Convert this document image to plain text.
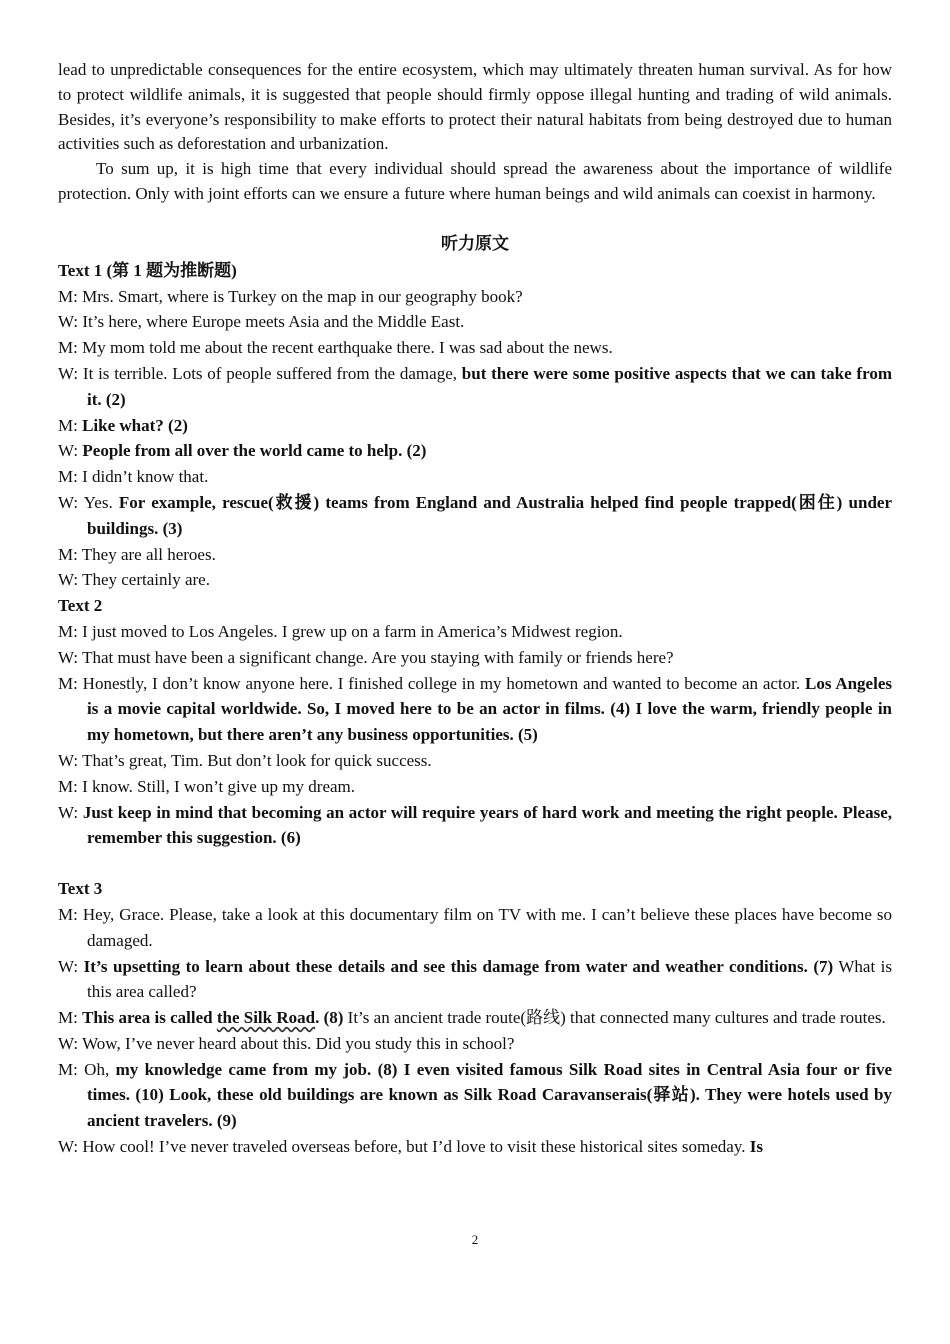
lead to unpredictable consequences for the entire ecosystem, which may ultimately threaten human survival. As for how to protect wildlife animals, it is suggested that people should firmly oppose illegal hunting and trading of wild animals. Besides, it’s everyone’s responsibility to make efforts to protect their natural habitats from being destroyed due to human activities such as deforestation and urbanization.

To sum up, it is high time that every individual should spread the awareness about the importance of wildlife protection. Only with joint efforts can we ensure a future where human beings and wild animals can coexist in harmony.

听力原文

Text 1 (第 1 题为推断题)

M: Mrs. Smart, where is Turkey on the map in our geography book?

W: It’s here, where Europe meets Asia and the Middle East.

M: My mom told me about the recent earthquake there. I was sad about the news.

W: It is terrible. Lots of people suffered from the damage, but there were some positive aspects that we can take from it. (2)

M: Like what? (2)

W: People from all over the world came to help. (2)

M: I didn’t know that.

W: Yes. For example, rescue(救援) teams from England and Australia helped find people trapped(困住) under buildings. (3)

M: They are all heroes.

W: They certainly are.

Text 2

M: I just moved to Los Angeles. I grew up on a farm in America’s Midwest region.

W: That must have been a significant change. Are you staying with family or friends here?

M: Honestly, I don’t know anyone here. I finished college in my hometown and wanted to become an actor. Los Angeles is a movie capital worldwide. So, I moved here to be an actor in films. (4) I love the warm, friendly people in my hometown, but there aren’t any business opportunities. (5)

W: That’s great, Tim. But don’t look for quick success.

M: I know. Still, I won’t give up my dream.

W: Just keep in mind that becoming an actor will require years of hard work and meeting the right people. Please, remember this suggestion. (6)

Text 3

M: Hey, Grace. Please, take a look at this documentary film on TV with me. I can’t believe these places have become so damaged.

W: It’s upsetting to learn about these details and see this damage from water and weather conditions. (7) What is this area called?

M: This area is called the Silk Road. (8) It’s an ancient trade route(路线) that connected many cultures and trade routes.

W: Wow, I’ve never heard about this. Did you study this in school?

M: Oh, my knowledge came from my job. (8) I even visited famous Silk Road sites in Central Asia four or five times. (10) Look, these old buildings are known as Silk Road Caravanserais(驿站). They were hotels used by ancient travelers. (9)

W: How cool! I’ve never traveled overseas before, but I’d love to visit these historical sites someday. Is

2
